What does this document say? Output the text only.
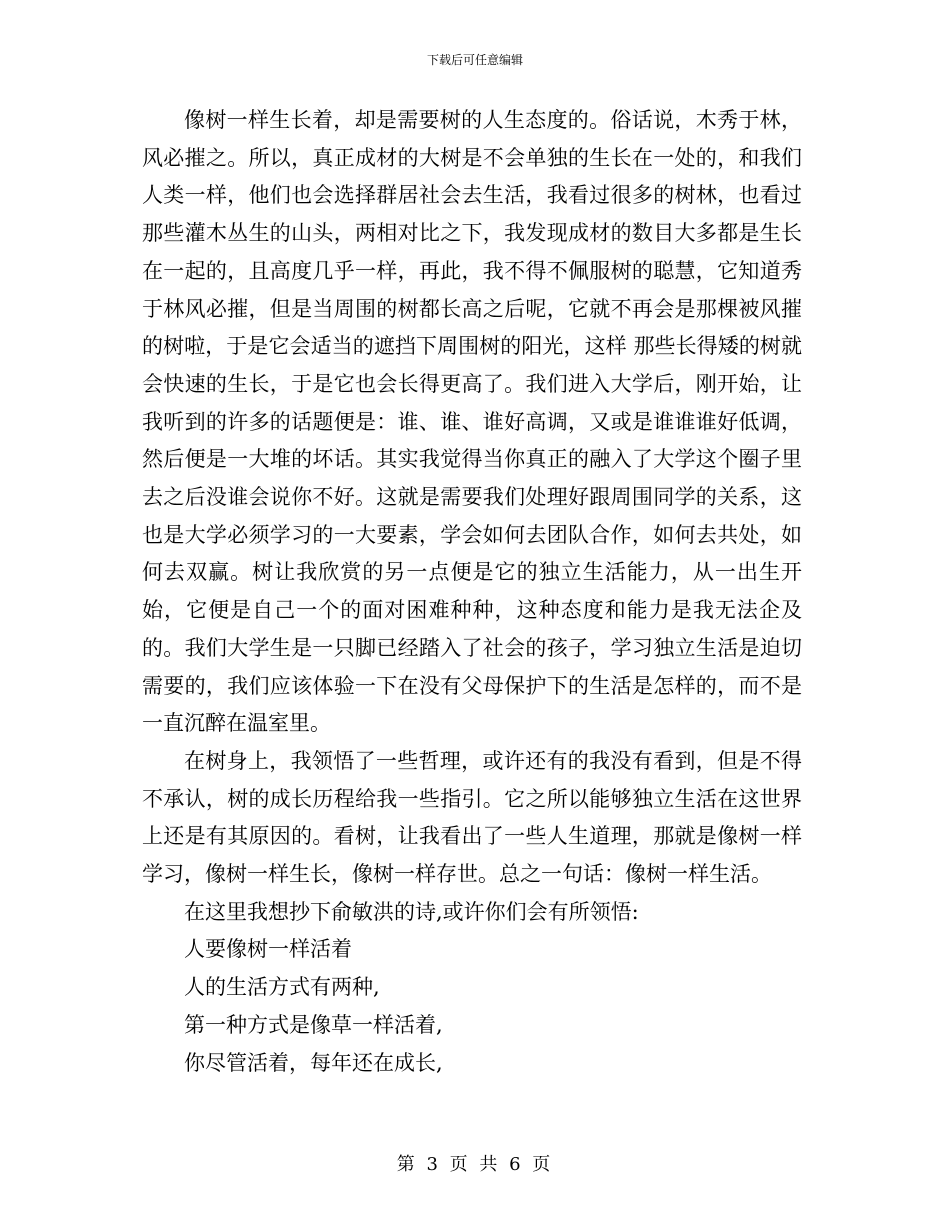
下载后可任意编辑

像树一样生长着，却是需要树的人生态度的。俗话说，木秀于林，风必摧之。所以，真正成材的大树是不会单独的生长在一处的，和我们人类一样，他们也会选择群居社会去生活，我看过很多的树林，也看过那些灌木丛生的山头，两相对比之下，我发现成材的数目大多都是生长在一起的，且高度几乎一样，再此，我不得不佩服树的聪慧，它知道秀于林风必摧，但是当周围的树都长高之后呢，它就不再会是那棵被风摧的树啦，于是它会适当的遮挡下周围树的阳光，这样 那些长得矮的树就会快速的生长，于是它也会长得更高了。我们进入大学后，刚开始，让我听到的许多的话题便是：谁、谁、谁好高调，又或是谁谁谁好低调，然后便是一大堆的坏话。其实我觉得当你真正的融入了大学这个圈子里去之后没谁会说你不好。这就是需要我们处理好跟周围同学的关系，这也是大学必须学习的一大要素，学会如何去团队合作，如何去共处，如何去双赢。树让我欣赏的另一点便是它的独立生活能力，从一出生开始，它便是自己一个的面对困难种种，这种态度和能力是我无法企及的。我们大学生是一只脚已经踏入了社会的孩子，学习独立生活是迫切需要的，我们应该体验一下在没有父母保护下的生活是怎样的，而不是一直沉醉在温室里。

在树身上，我领悟了一些哲理，或许还有的我没有看到，但是不得不承认，树的成长历程给我一些指引。它之所以能够独立生活在这世界上还是有其原因的。看树，让我看出了一些人生道理，那就是像树一样学习，像树一样生长，像树一样存世。总之一句话：像树一样生活。

在这里我想抄下俞敏洪的诗,或许你们会有所领悟:

人要像树一样活着

人的生活方式有两种,

第一种方式是像草一样活着,

你尽管活着，每年还在成长,

第 3 页 共 6 页
